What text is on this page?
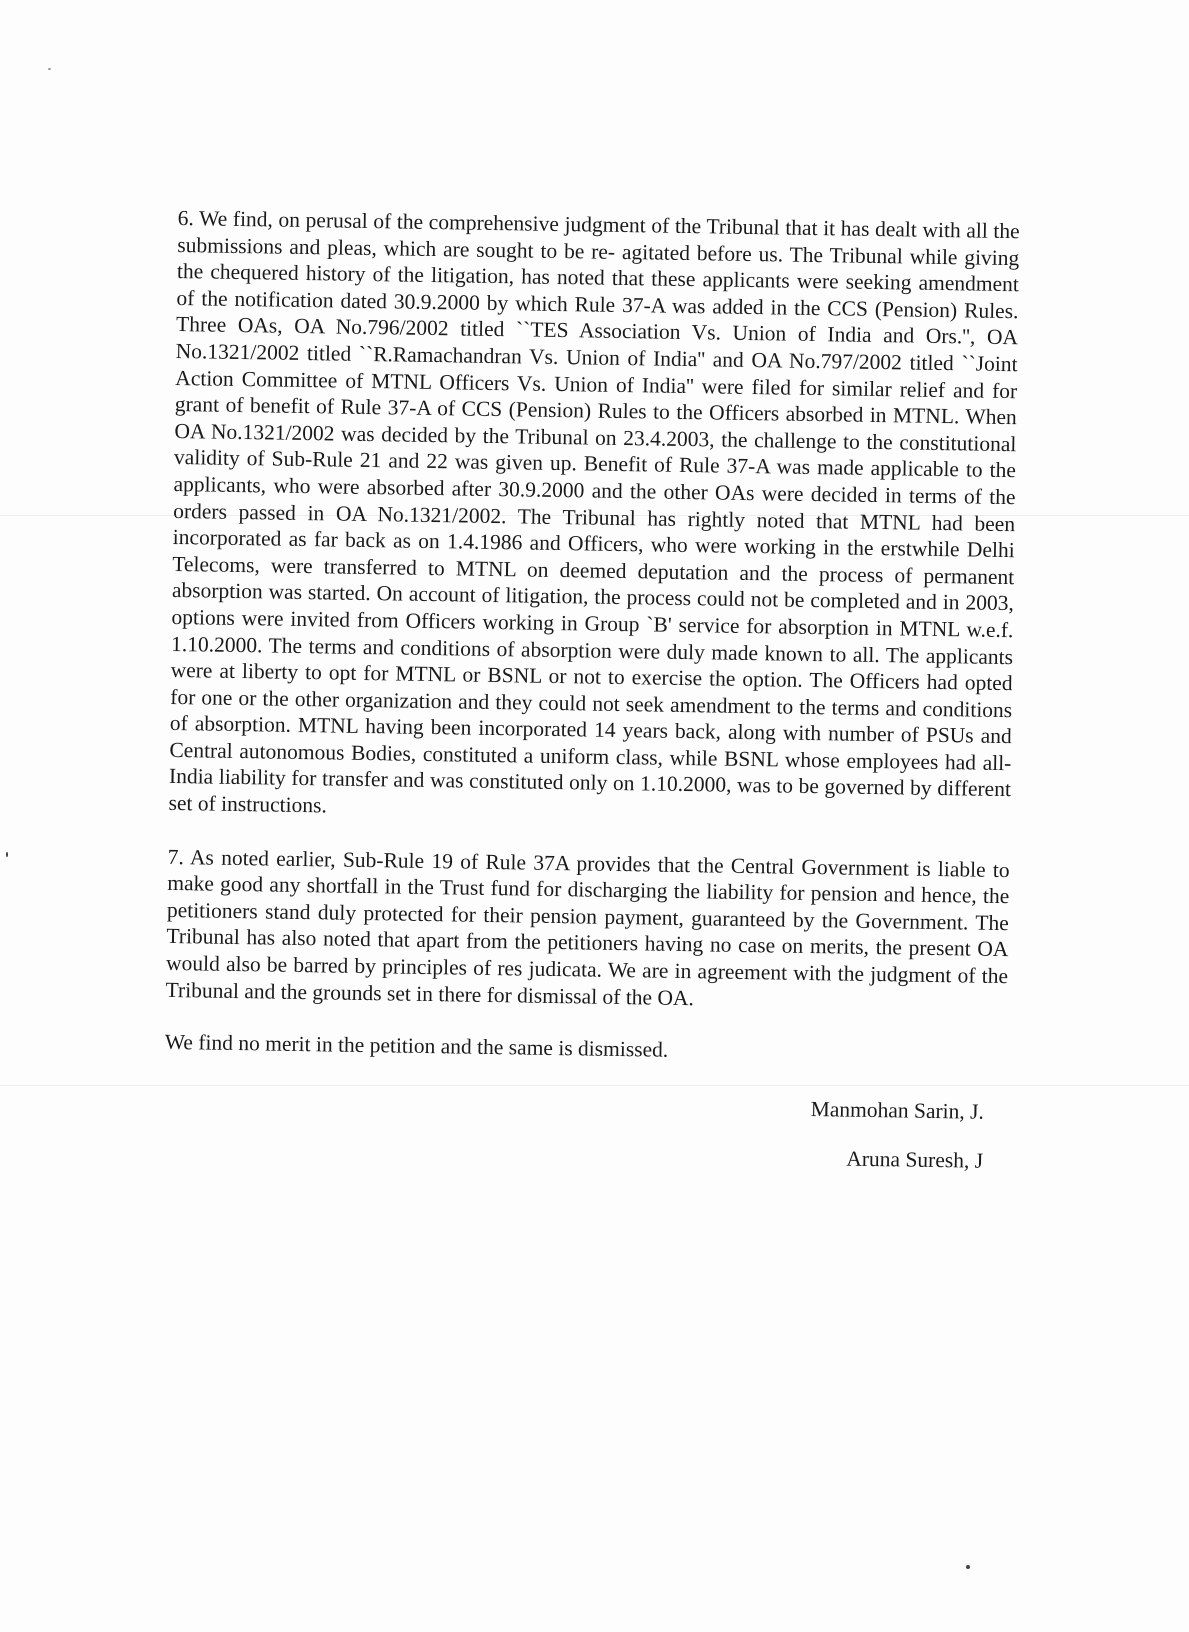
6. We find, on perusal of the comprehensive judgment of the Tribunal that it has dealt with all the submissions and pleas, which are sought to be re- agitated before us. The Tribunal while giving the chequered history of the litigation, has noted that these applicants were seeking amendment of the notification dated 30.9.2000 by which Rule 37-A was added in the CCS (Pension) Rules. Three OAs, OA No.796/2002 titled ``TES Association Vs. Union of India and Ors.'', OA No.1321/2002 titled ``R.Ramachandran Vs. Union of India'' and OA No.797/2002 titled ``Joint Action Committee of MTNL Officers Vs. Union of India'' were filed for similar relief and for grant of benefit of Rule 37-A of CCS (Pension) Rules to the Officers absorbed in MTNL. When OA No.1321/2002 was decided by the Tribunal on 23.4.2003, the challenge to the constitutional validity of Sub-Rule 21 and 22 was given up. Benefit of Rule 37-A was made applicable to the applicants, who were absorbed after 30.9.2000 and the other OAs were decided in terms of the orders passed in OA No.1321/2002. The Tribunal has rightly noted that MTNL had been incorporated as far back as on 1.4.1986 and Officers, who were working in the erstwhile Delhi Telecoms, were transferred to MTNL on deemed deputation and the process of permanent absorption was started. On account of litigation, the process could not be completed and in 2003, options were invited from Officers working in Group `B' service for absorption in MTNL w.e.f. 1.10.2000. The terms and conditions of absorption were duly made known to all. The applicants were at liberty to opt for MTNL or BSNL or not to exercise the option. The Officers had opted for one or the other organization and they could not seek amendment to the terms and conditions of absorption. MTNL having been incorporated 14 years back, along with number of PSUs and Central autonomous Bodies, constituted a uniform class, while BSNL whose employees had all-India liability for transfer and was constituted only on 1.10.2000, was to be governed by different set of instructions.

7. As noted earlier, Sub-Rule 19 of Rule 37A provides that the Central Government is liable to make good any shortfall in the Trust fund for discharging the liability for pension and hence, the petitioners stand duly protected for their pension payment, guaranteed by the Government. The Tribunal has also noted that apart from the petitioners having no case on merits, the present OA would also be barred by principles of res judicata. We are in agreement with the judgment of the Tribunal and the grounds set in there for dismissal of the OA.

We find no merit in the petition and the same is dismissed.

Manmohan Sarin, J.
Aruna Suresh, J
